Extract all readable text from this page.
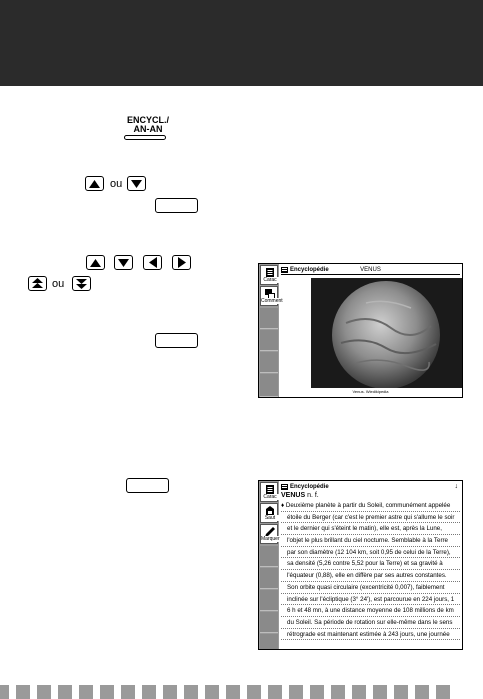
ENCYCL./
AN-AN
ou
ou	Carac
Comment
Encyclopédie	VENUS
Venus. Wiedikipedia
Carac
Saut
Marquer
Encyclopédie	↓
VENUS n. f.
♦ Deuxième planète à partir du Soleil, communément appelée
étoile du Berger (car c'est le premier astre qui s'allume le soir
et le dernier qui s'éteint le matin), elle est, après la Lune,
l'objet le plus brillant du ciel nocturne. Semblable à la Terre
par son diamètre (12 104 km, soit 0,95 de celui de la Terre),
sa densité (5,26 contre 5,52 pour la Terre) et sa gravité à
l'équateur (0,88), elle en diffère par ses autres constantes.
Son orbite quasi circulaire (excentricité 0,007), faiblement
inclinée sur l'écliptique (3° 24'), est parcourue en 224 jours, 1
6 h et 48 mn, à une distance moyenne de 108 millions de km
du Soleil. Sa période de rotation sur elle-même dans le sens
rétrograde est maintenant estimée à 243 jours, une journée
